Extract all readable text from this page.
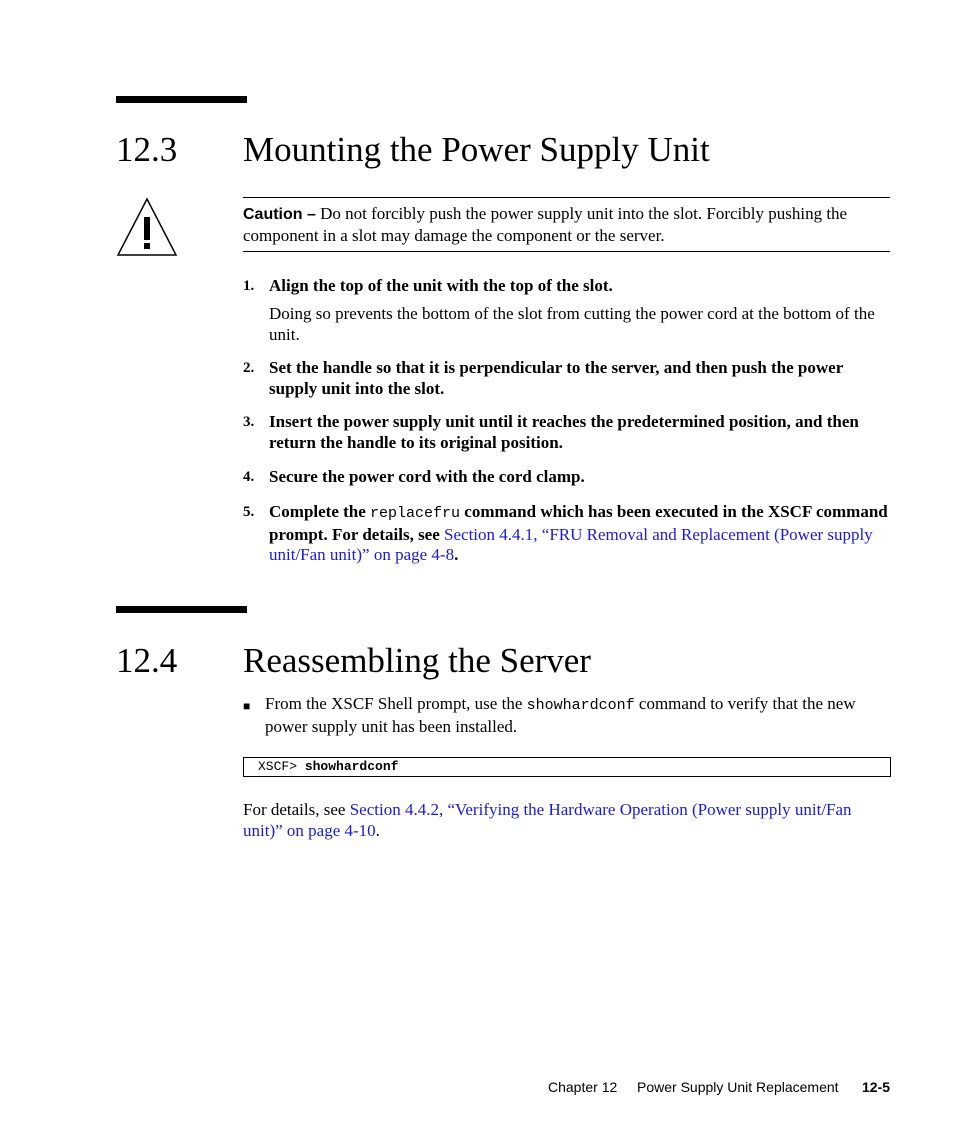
12.3 Mounting the Power Supply Unit
Caution – Do not forcibly push the power supply unit into the slot. Forcibly pushing the component in a slot may damage the component or the server.
1. Align the top of the unit with the top of the slot.
Doing so prevents the bottom of the slot from cutting the power cord at the bottom of the unit.
2. Set the handle so that it is perpendicular to the server, and then push the power supply unit into the slot.
3. Insert the power supply unit until it reaches the predetermined position, and then return the handle to its original position.
4. Secure the power cord with the cord clamp.
5. Complete the replacefru command which has been executed in the XSCF command prompt. For details, see Section 4.4.1, “FRU Removal and Replacement (Power supply unit/Fan unit)” on page 4-8.
12.4 Reassembling the Server
■ From the XSCF Shell prompt, use the showhardconf command to verify that the new power supply unit has been installed.
XSCF> showhardconf
For details, see Section 4.4.2, “Verifying the Hardware Operation (Power supply unit/Fan unit)” on page 4-10.
Chapter 12 Power Supply Unit Replacement 12-5
